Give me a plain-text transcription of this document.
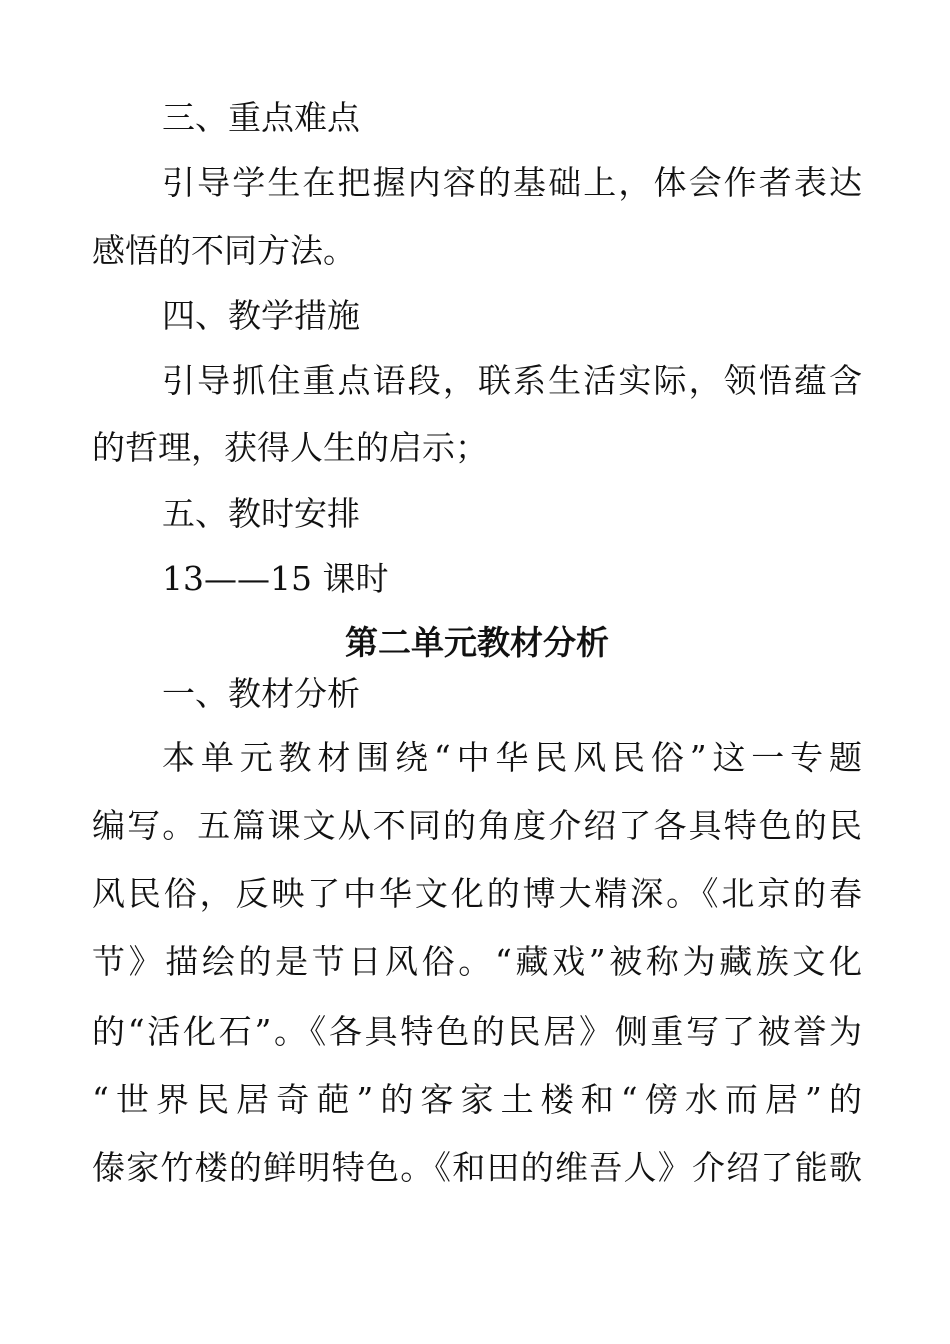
三、重点难点
引导学生在把握内容的基础上，体会作者表达
感悟的不同方法。
四、教学措施
引导抓住重点语段，联系生活实际，领悟蕴含
的哲理，获得人生的启示；
五、教时安排
13——15 课时
第二单元教材分析
一、教材分析
本单元教材围绕“中华民风民俗”这一专题
编写。五篇课文从不同的角度介绍了各具特色的民
风民俗，反映了中华文化的博大精深。《北京的春
节》描绘的是节日风俗。“藏戏”被称为藏族文化
的“活化石”。《各具特色的民居》侧重写了被誉为
“世界民居奇葩”的客家土楼和“傍水而居”的
傣家竹楼的鲜明特色。《和田的维吾人》介绍了能歌
